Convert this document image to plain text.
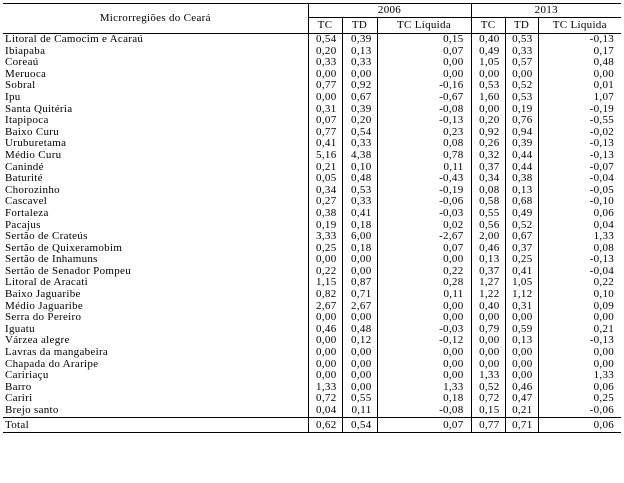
Microrregiões do Ceará	2006			2013		
	TC	TD	TC Líquida	TC	TD	TC Líquida
Litoral de Camocim e Acaraú	0,54	0,39	0,15	0,40	0,53	-0,13
Ibiapaba	0,20	0,13	0,07	0,49	0,33	0,17
Coreaú	0,33	0,33	0,00	1,05	0,57	0,48
Meruoca	0,00	0,00	0,00	0,00	0,00	0,00
Sobral	0,77	0,92	-0,16	0,53	0,52	0,01
Ipu	0,00	0,67	-0,67	1,60	0,53	1,07
Santa Quitéria	0,31	0,39	-0,08	0,00	0,19	-0,19
Itapipoca	0,07	0,20	-0,13	0,20	0,76	-0,55
Baixo Curu	0,77	0,54	0,23	0,92	0,94	-0,02
Uruburetama	0,41	0,33	0,08	0,26	0,39	-0,13
Médio Curu	5,16	4,38	0,78	0,32	0,44	-0,13
Canindé	0,21	0,10	0,11	0,37	0,44	-0,07
Baturité	0,05	0,48	-0,43	0,34	0,38	-0,04
Chorozinho	0,34	0,53	-0,19	0,08	0,13	-0,05
Cascavel	0,27	0,33	-0,06	0,58	0,68	-0,10
Fortaleza	0,38	0,41	-0,03	0,55	0,49	0,06
Pacajus	0,19	0,18	0,02	0,56	0,52	0,04
Sertão de Crateús	3,33	6,00	-2,67	2,00	0,67	1,33
Sertão de Quixeramobim	0,25	0,18	0,07	0,46	0,37	0,08
Sertão de Inhamuns	0,00	0,00	0,00	0,13	0,25	-0,13
Sertão de Senador Pompeu	0,22	0,00	0,22	0,37	0,41	-0,04
Litoral de Aracati	1,15	0,87	0,28	1,27	1,05	0,22
Baixo Jaguaribe	0,82	0,71	0,11	1,22	1,12	0,10
Médio Jaguaribe	2,67	2,67	0,00	0,40	0,31	0,09
Serra do Pereiro	0,00	0,00	0,00	0,00	0,00	0,00
Iguatu	0,46	0,48	-0,03	0,79	0,59	0,21
Várzea alegre	0,00	0,12	-0,12	0,00	0,13	-0,13
Lavras da mangabeira	0,00	0,00	0,00	0,00	0,00	0,00
Chapada do Araripe	0,00	0,00	0,00	0,00	0,00	0,00
Caririaçu	0,00	0,00	0,00	1,33	0,00	1,33
Barro	1,33	0,00	1,33	0,52	0,46	0,06
Cariri	0,72	0,55	0,18	0,72	0,47	0,25
Brejo santo	0,04	0,11	-0,08	0,15	0,21	-0,06
Total	0,62	0,54	0,07	0,77	0,71	0,06
